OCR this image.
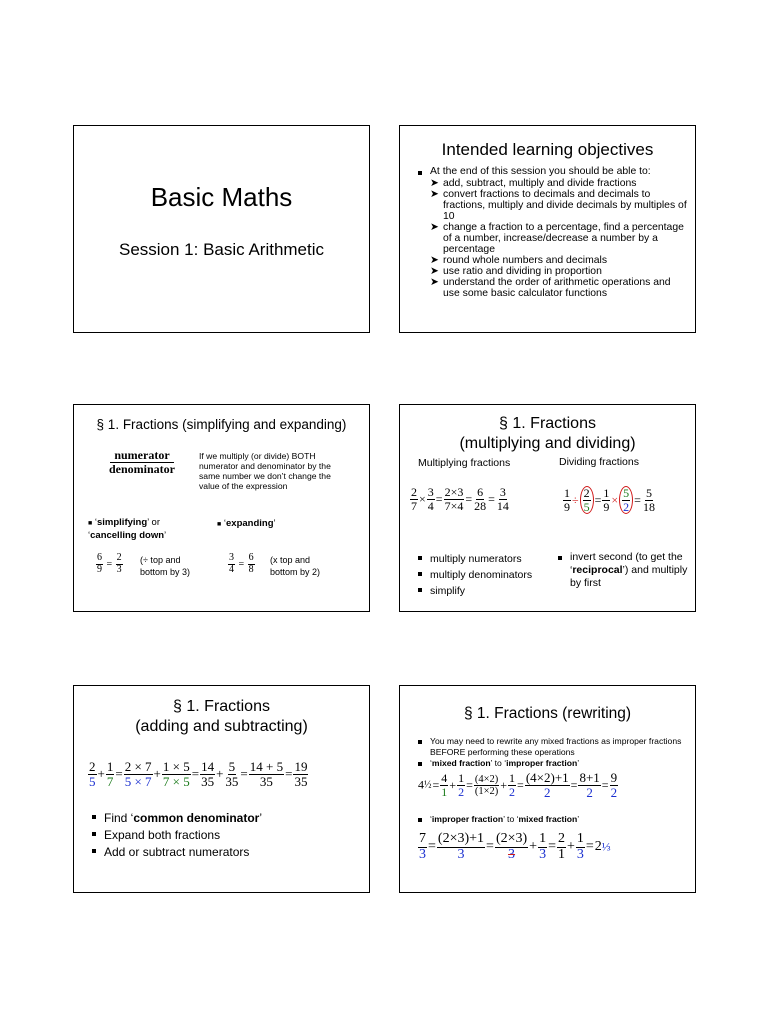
Basic Maths
Session 1: Basic Arithmetic
Intended learning objectives
At the end of this session you should be able to:
➤ add, subtract, multiply and divide fractions
➤ convert fractions to decimals and decimals to fractions, multiply and divide decimals by multiples of 10
➤ change a fraction to a percentage, find a percentage of a number, increase/decrease a number by a percentage
➤ round whole numbers and decimals
➤ use ratio and dividing in proportion
➤ understand the order of arithmetic operations and use some basic calculator functions
§ 1. Fractions (simplifying and expanding)
$\frac{\text{numerator}}{\text{denominator}}$	If we multiply (or divide) BOTH numerator and denominator by the same number we don’t change the value of the expression
■ ‘simplifying’ or
‘cancelling down’
■ ‘expanding’
$\frac{6}{9} = \frac{2}{3}$ (÷ top and bottom by 3)	$\frac{3}{4} = \frac{6}{8} (x$ top and bottom by 2)
§ 1. Fractions
(multiplying and dividing)
Multiplying fractions	Dividing fractions
$\frac{2}{7} \times \frac{3}{4} = \frac{2\times 3}{7\times 4} = \frac{6}{28} = \frac{3}{14}$	$\frac{1}{9} \div \frac{2}{5} = \frac{1}{9} \times \frac{5}{2} = \frac{5}{18}$
multiply numerators
multiply denominators
simplify
invert second (to get the ‘reciprocal’) and multiply by first
§ 1. Fractions
(adding and subtracting)
$\frac{2}{5} + \frac{1}{7} = \frac{2 \times 7}{5 \times 7} + \frac{1 \times 5}{7 \times 5} = \frac{14}{35} + \frac{5}{35} = \frac{14 + 5}{35} = \frac{19}{35}$
Find ‘common denominator’
Expand both fractions
Add or subtract numerators
§ 1. Fractions (rewriting)
You may need to rewrite any mixed fractions as improper fractions BEFORE performing these operations
‘mixed fraction’ to ‘improper fraction’
4½= $\frac{4}{1} + \frac{1}{2} = \frac{(4\times 2)}{(1\times 2)} + \frac{1}{2} = \frac{(4\times 2)+1}{2} = \frac{8+1}{2} = \frac{9}{2}$
‘improper fraction’ to ‘mixed fraction’
$\frac{7}{3} = \frac{(2\times 3)+1}{3} = \frac{(2\times 3)}{3} + \frac{1}{3} = \frac{2}{1} + \frac{1}{3}$ =2⅓
